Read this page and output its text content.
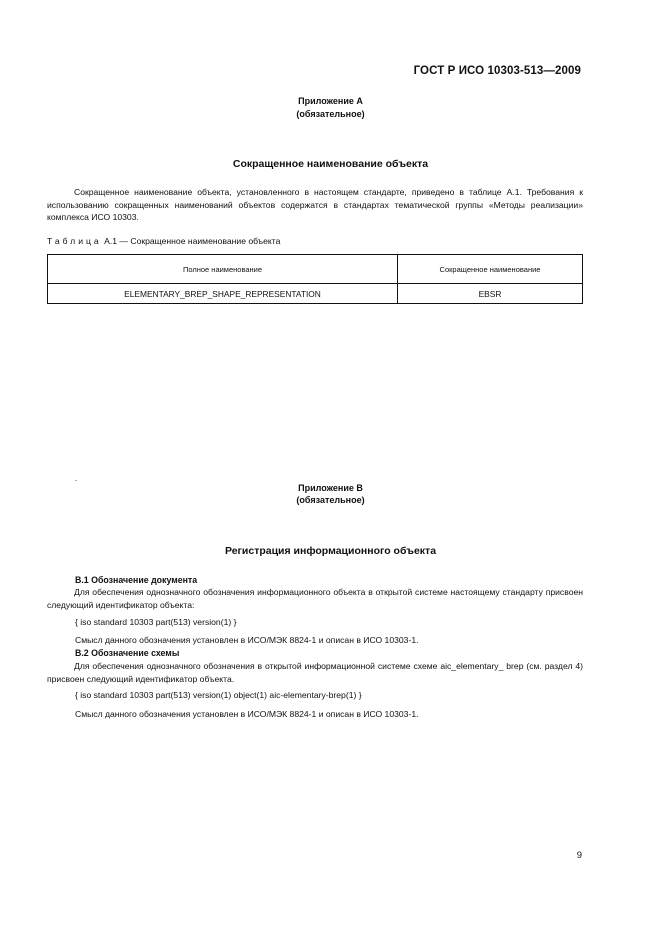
ГОСТ Р ИСО 10303-513—2009
Приложение А
(обязательное)
Сокращенное наименование объекта
Сокращенное наименование объекта, установленного в настоящем стандарте, приведено в таблице А.1. Требования к использованию сокращенных наименований объектов содержатся в стандартах тематической группы «Методы реализации» комплекса ИСО 10303.
Таблица А.1 — Сокращенное наименование объекта
Полное наименование	Сокращенное наименование
ELEMENTARY_BREP_SHAPE_REPRESENTATION	EBSR
.
Приложение В
(обязательное)
Регистрация информационного объекта
В.1 Обозначение документа
Для обеспечения однозначного обозначения информационного объекта в открытой системе настоящему стандарту присвоен следующий идентификатор объекта:
{ iso standard 10303 part(513) version(1) }
Смысл данного обозначения установлен в ИСО/МЭК 8824-1 и описан в ИСО 10303-1.
В.2 Обозначение схемы
Для обеспечения однозначного обозначения в открытой информационной системе схеме aic_elementary_ brep (см. раздел 4) присвоен следующий идентификатор объекта.
{ iso standard 10303 part(513) version(1) object(1) aic-elementary-brep(1) }
Смысл данного обозначения установлен в ИСО/МЭК 8824-1 и описан в ИСО 10303-1.
9
